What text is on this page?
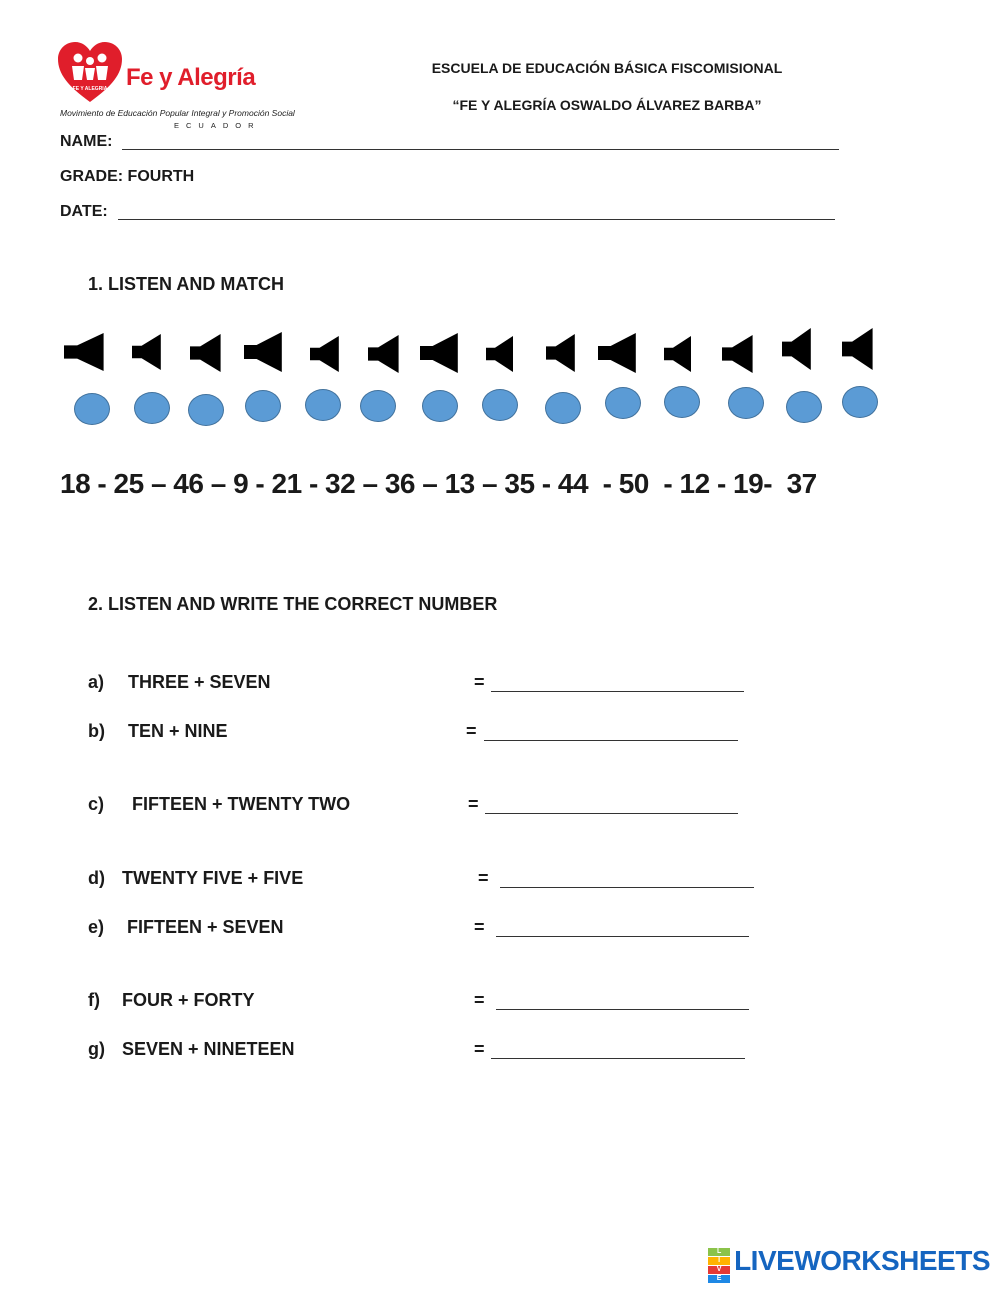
FE Y ALEGRIA Fe y Alegría
Movimiento de Educación Popular Integral y Promoción Social
ECUADOR
ESCUELA DE EDUCACIÓN BÁSICA FISCOMISIONAL
“FE Y ALEGRÍA OSWALDO ÁLVAREZ BARBA”
NAME:
GRADE: FOURTH
DATE:
1. LISTEN AND MATCH
18 - 25 – 46 – 9 - 21 - 32 – 36 – 13 – 35 - 44  - 50  - 12 - 19-  37
2. LISTEN AND WRITE THE CORRECT NUMBER
a) THREE + SEVEN	=
b) TEN + NINE	=
c) FIFTEEN + TWENTY TWO	=
d) TWENTY FIVE + FIVE	=
e) FIFTEEN + SEVEN	=
f) FOUR + FORTY	=
g) SEVEN + NINETEEN	=
L
I
V
E
LIVEWORKSHEETS
